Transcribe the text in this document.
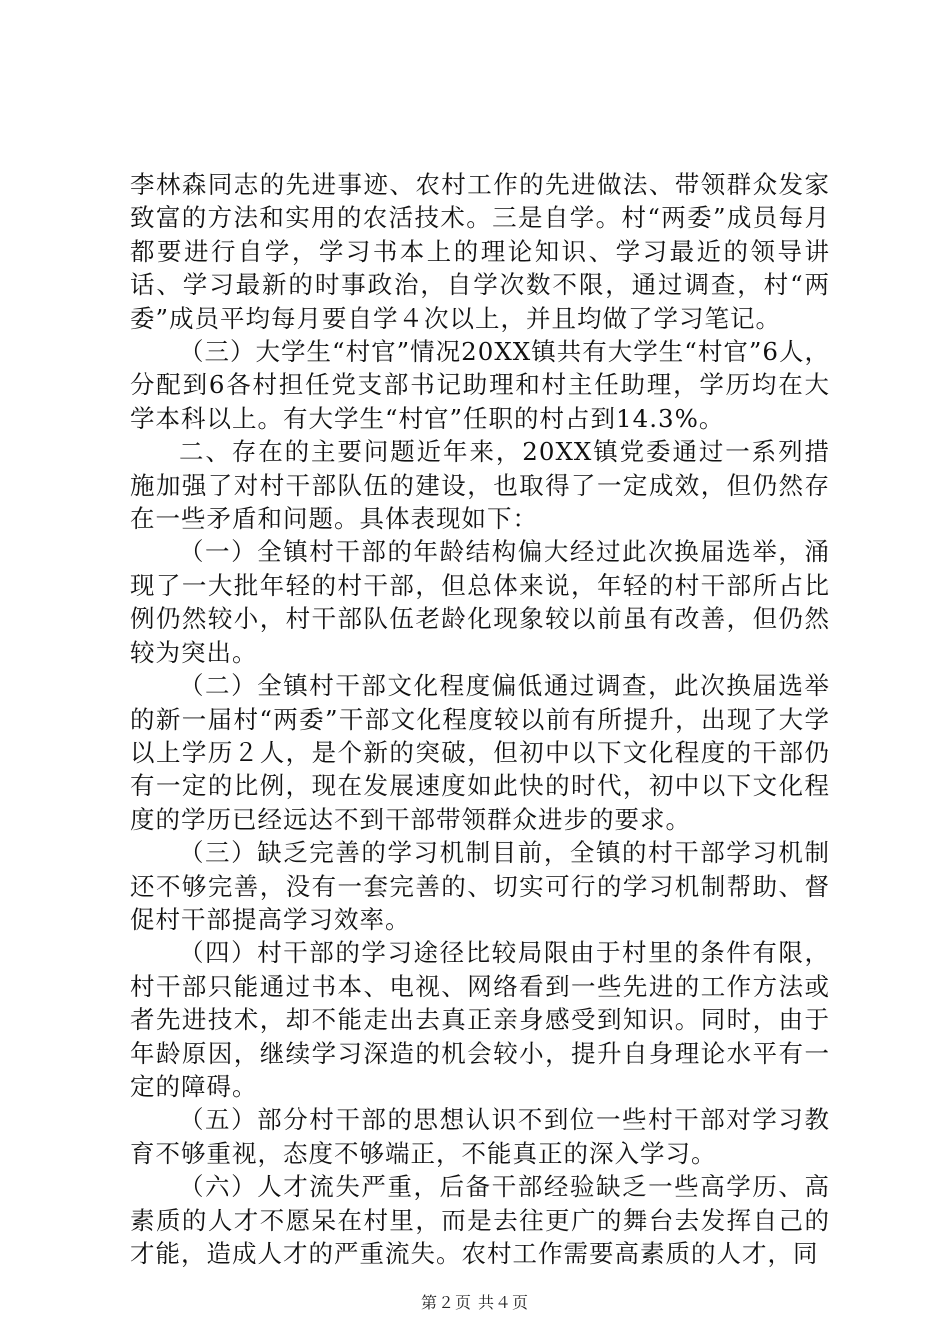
李林森同志的先进事迹、农村工作的先进做法、带领群众发家致富的方法和实用的农活技术。三是自学。村“两委”成员每月都要进行自学，学习书本上的理论知识、学习最近的领导讲话、学习最新的时事政治，自学次数不限，通过调查，村“两委”成员平均每月要自学４次以上，并且均做了学习笔记。

（三）大学生“村官”情况20XX镇共有大学生“村官”6人，分配到6各村担任党支部书记助理和村主任助理，学历均在大学本科以上。有大学生“村官”任职的村占到14.3%。

二、存在的主要问题近年来，20XX镇党委通过一系列措施加强了对村干部队伍的建设，也取得了一定成效，但仍然存在一些矛盾和问题。具体表现如下：

（一）全镇村干部的年龄结构偏大经过此次换届选举，涌现了一大批年轻的村干部，但总体来说，年轻的村干部所占比例仍然较小，村干部队伍老龄化现象较以前虽有改善，但仍然较为突出。

（二）全镇村干部文化程度偏低通过调查，此次换届选举的新一届村“两委”干部文化程度较以前有所提升，出现了大学以上学历２人，是个新的突破，但初中以下文化程度的干部仍有一定的比例，现在发展速度如此快的时代，初中以下文化程度的学历已经远达不到干部带领群众进步的要求。

（三）缺乏完善的学习机制目前，全镇的村干部学习机制还不够完善，没有一套完善的、切实可行的学习机制帮助、督促村干部提高学习效率。

（四）村干部的学习途径比较局限由于村里的条件有限，村干部只能通过书本、电视、网络看到一些先进的工作方法或者先进技术，却不能走出去真正亲身感受到知识。同时，由于年龄原因，继续学习深造的机会较小，提升自身理论水平有一定的障碍。

（五）部分村干部的思想认识不到位一些村干部对学习教育不够重视，态度不够端正，不能真正的深入学习。

（六）人才流失严重，后备干部经验缺乏一些高学历、高素质的人才不愿呆在村里，而是去往更广的舞台去发挥自己的才能，造成人才的严重流失。农村工作需要高素质的人才，同

第２页 共４页
